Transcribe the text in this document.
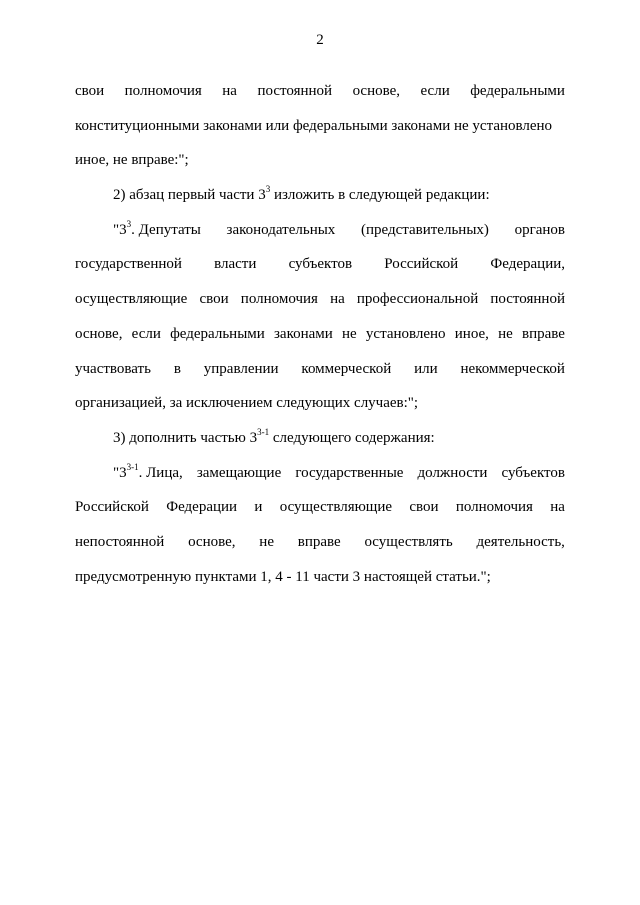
2
свои полномочия на постоянной основе, если федеральными
конституционными законами или федеральными законами не установлено
иное, не вправе:";
2) абзац первый части $3^3$ изложить в следующей редакции:
"$3^3$. Депутаты законодательных (представительных) органов
государственной власти субъектов Российской Федерации,
осуществляющие свои полномочия на профессиональной постоянной
основе, если федеральными законами не установлено иное, не вправе
участвовать в управлении коммерческой или некоммерческой
организацией, за исключением следующих случаев:";
3) дополнить частью 3$^{3-1}$ следующего содержания:
"3$^{3-1}$. Лица, замещающие государственные должности субъектов
Российской Федерации и осуществляющие свои полномочия на
непостоянной основе, не вправе осуществлять деятельность,
предусмотренную пунктами 1, 4 - 11 части 3 настоящей статьи.";
